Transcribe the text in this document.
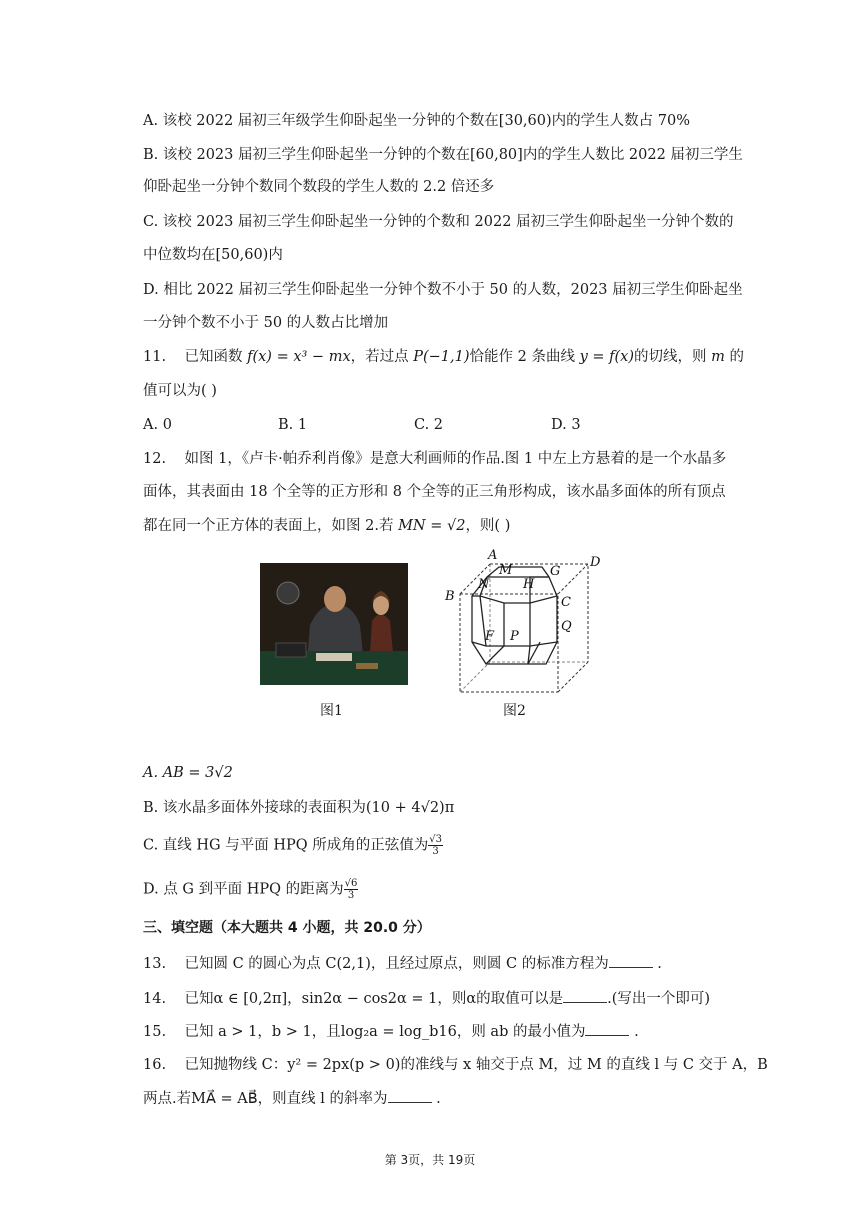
A. 该校 2022 届初三年级学生仰卧起坐一分钟的个数在[30,60)内的学生人数占 70%
B. 该校 2023 届初三学生仰卧起坐一分钟的个数在[60,80]内的学生人数比 2022 届初三学生
仰卧起坐一分钟个数同个数段的学生人数的 2.2 倍还多
C. 该校 2023 届初三学生仰卧起坐一分钟的个数和 2022 届初三学生仰卧起坐一分钟个数的
中位数均在[50,60)内
D. 相比 2022 届初三学生仰卧起坐一分钟个数不小于 50 的人数，2023 届初三学生仰卧起坐
一分钟个数不小于 50 的人数占比增加
11. 已知函数 f(x) = x³ − mx，若过点 P(−1,1)恰能作 2 条曲线 y = f(x)的切线，则 m 的
值可以为( )
A. 0	B. 1	C. 2	D. 3
12. 如图 1，《卢卡·帕乔利肖像》是意大利画师的作品.图 1 中左上方悬着的是一个水晶多
面体，其表面由 18 个全等的正方形和 8 个全等的正三角形构成，该水晶多面体的所有顶点
都在同一个正方体的表面上，如图 2.若 MN = √2，则( )
图1
A	D
B
M	G
N	H
C
F P
Q
图2
A. AB = 3√2
B. 该水晶多面体外接球的表面积为(10 + 4√2)π
C. 直线 HG 与平面 HPQ 所成角的正弦值为 $\frac{√3}{3}$
D. 点 G 到平面 HPQ 的距离为 $\frac{√6}{3}$
三、填空题（本大题共 4 小题，共 20.0 分）
13. 已知圆 C 的圆心为点 C(2,1)，且经过原点，则圆 C 的标准方程为	.
14. 已知α ∈ [0,2π]，sin2α − cos2α = 1，则α的取值可以是	.(写出一个即可)
15. 已知 a > 1，b > 1，且log₂a = log_b16，则 ab 的最小值为	.
16. 已知抛物线 C：y² = 2px(p > 0)的准线与 x 轴交于点 M，过 M 的直线 l 与 C 交于 A，B
两点.若MA⃗ = AB⃗，则直线 l 的斜率为	.
第 3页，共 19页
